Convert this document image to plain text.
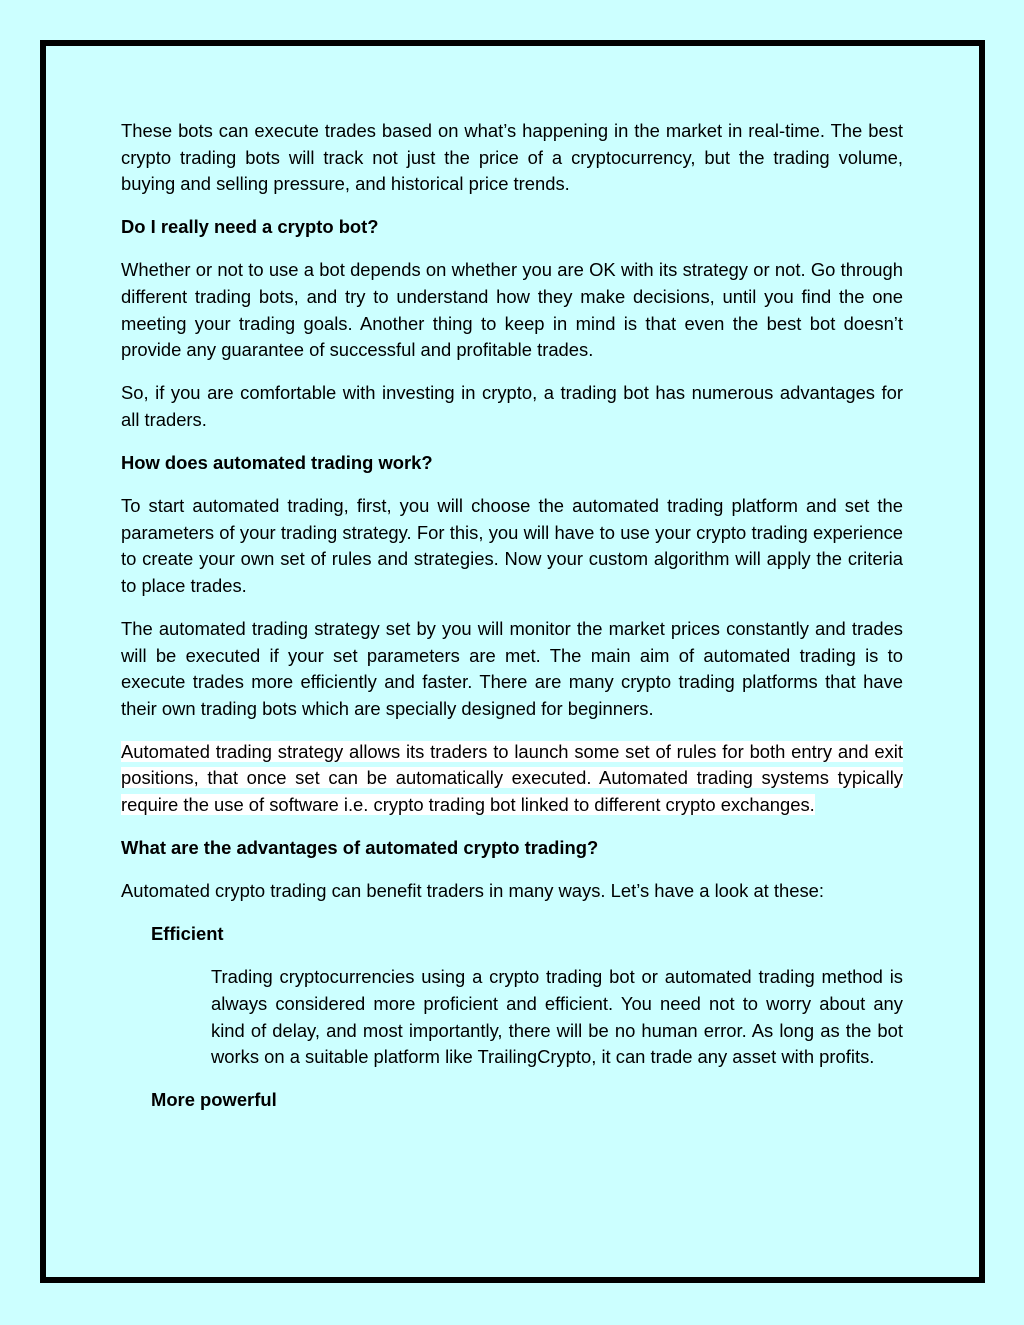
These bots can execute trades based on what’s happening in the market in real-time. The best crypto trading bots will track not just the price of a cryptocurrency, but the trading volume, buying and selling pressure, and historical price trends.

Do I really need a crypto bot?

Whether or not to use a bot depends on whether you are OK with its strategy or not. Go through different trading bots, and try to understand how they make decisions, until you find the one meeting your trading goals. Another thing to keep in mind is that even the best bot doesn’t provide any guarantee of successful and profitable trades.

So, if you are comfortable with investing in crypto, a trading bot has numerous advantages for all traders.

How does automated trading work?

To start automated trading, first, you will choose the automated trading platform and set the parameters of your trading strategy. For this, you will have to use your crypto trading experience to create your own set of rules and strategies. Now your custom algorithm will apply the criteria to place trades.

The automated trading strategy set by you will monitor the market prices constantly and trades will be executed if your set parameters are met. The main aim of automated trading is to execute trades more efficiently and faster. There are many crypto trading platforms that have their own trading bots which are specially designed for beginners.

Automated trading strategy allows its traders to launch some set of rules for both entry and exit positions, that once set can be automatically executed. Automated trading systems typically require the use of software i.e. crypto trading bot linked to different crypto exchanges.

What are the advantages of automated crypto trading?

Automated crypto trading can benefit traders in many ways. Let’s have a look at these:

Efficient

Trading cryptocurrencies using a crypto trading bot or automated trading method is always considered more proficient and efficient. You need not to worry about any kind of delay, and most importantly, there will be no human error. As long as the bot works on a suitable platform like TrailingCrypto, it can trade any asset with profits.

More powerful
